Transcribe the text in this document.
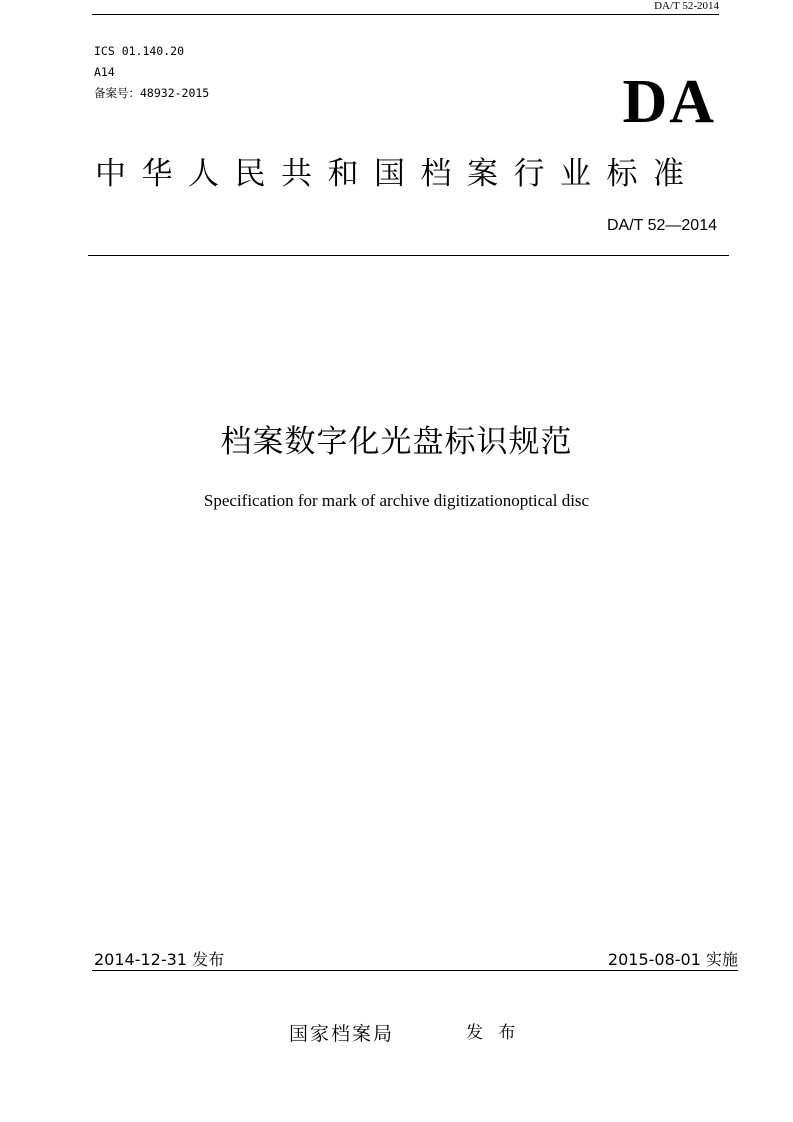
DA/T 52-2014
ICS 01.140.20
A14
备案号：48932-2015	DA
中华人民共和国档案行业标准
DA/T 52—2014
档案数字化光盘标识规范
Specification for mark of archive digitizationoptical disc
2014-12-31 发布	2015-08-01 实施
国家档案局	发 布
